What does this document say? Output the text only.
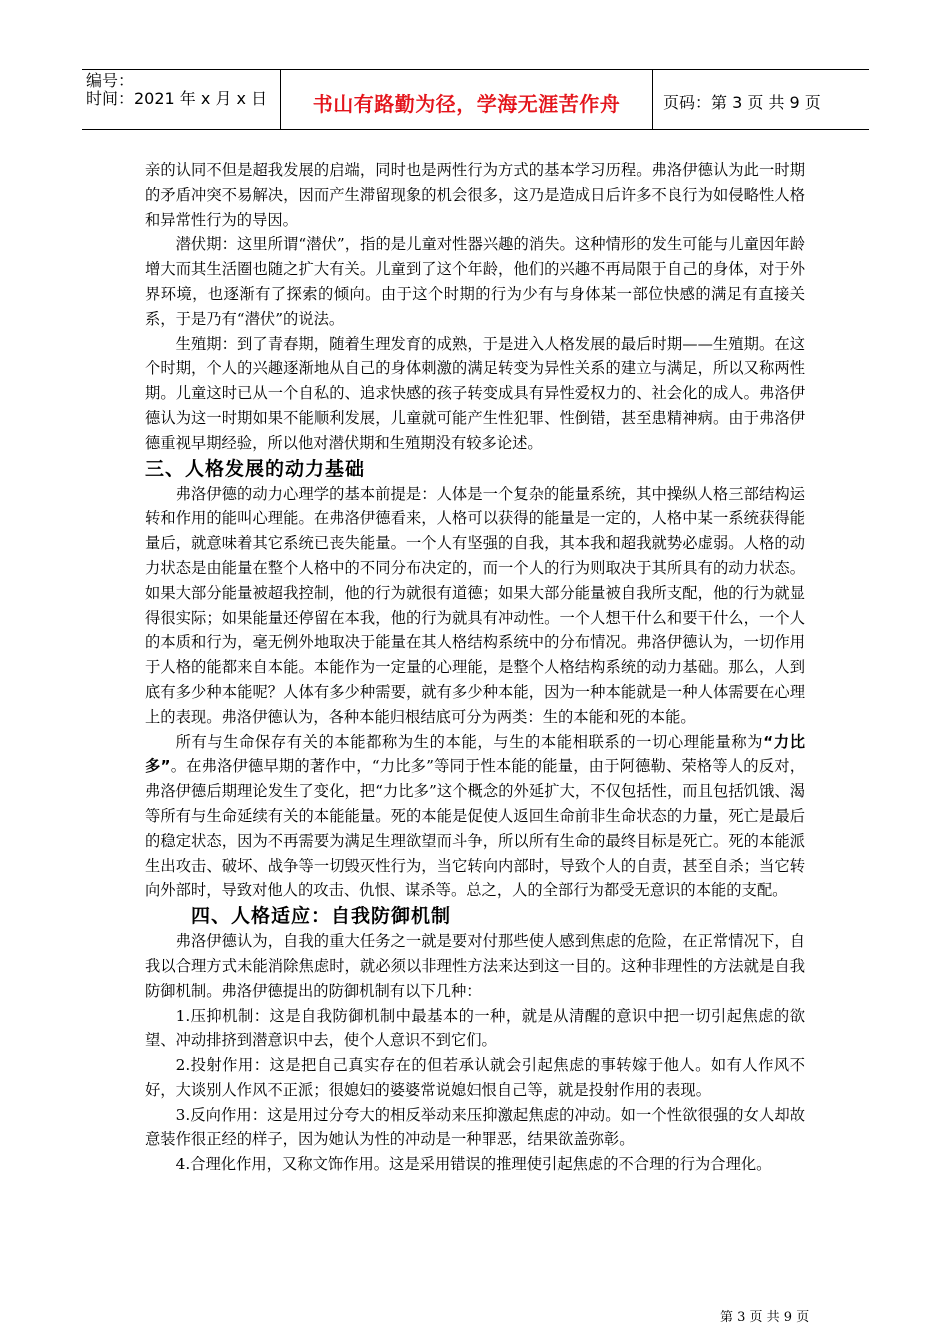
编号：
时间：2021 年 x 月 x 日	书山有路勤为径，学海无涯苦作舟	页码：第 3 页 共 9 页

亲的认同不但是超我发展的启端，同时也是两性行为方式的基本学习历程。弗洛伊德认为此一时期的矛盾冲突不易解决，因而产生滞留现象的机会很多，这乃是造成日后许多不良行为如侵略性人格和异常性行为的导因。

潜伏期：这里所谓“潜伏”，指的是儿童对性器兴趣的消失。这种情形的发生可能与儿童因年龄增大而其生活圈也随之扩大有关。儿童到了这个年龄，他们的兴趣不再局限于自己的身体，对于外界环境，也逐渐有了探索的倾向。由于这个时期的行为少有与身体某一部位快感的满足有直接关系，于是乃有“潜伏”的说法。

生殖期：到了青春期，随着生理发育的成熟，于是进入人格发展的最后时期——生殖期。在这个时期，个人的兴趣逐渐地从自己的身体刺激的满足转变为异性关系的建立与满足，所以又称两性期。儿童这时已从一个自私的、追求快感的孩子转变成具有异性爱权力的、社会化的成人。弗洛伊德认为这一时期如果不能顺利发展，儿童就可能产生性犯罪、性倒错，甚至患精神病。由于弗洛伊德重视早期经验，所以他对潜伏期和生殖期没有较多论述。

三、人格发展的动力基础

弗洛伊德的动力心理学的基本前提是：人体是一个复杂的能量系统，其中操纵人格三部结构运转和作用的能叫心理能。在弗洛伊德看来，人格可以获得的能量是一定的，人格中某一系统获得能量后，就意味着其它系统已丧失能量。一个人有坚强的自我，其本我和超我就势必虚弱。人格的动力状态是由能量在整个人格中的不同分布决定的，而一个人的行为则取决于其所具有的动力状态。如果大部分能量被超我控制，他的行为就很有道德；如果大部分能量被自我所支配，他的行为就显得很实际；如果能量还停留在本我，他的行为就具有冲动性。一个人想干什么和要干什么，一个人的本质和行为，毫无例外地取决于能量在其人格结构系统中的分布情况。弗洛伊德认为，一切作用于人格的能都来自本能。本能作为一定量的心理能，是整个人格结构系统的动力基础。那么，人到底有多少种本能呢？人体有多少种需要，就有多少种本能，因为一种本能就是一种人体需要在心理上的表现。弗洛伊德认为，各种本能归根结底可分为两类：生的本能和死的本能。

所有与生命保存有关的本能都称为生的本能，与生的本能相联系的一切心理能量称为“力比多”。在弗洛伊德早期的著作中，“力比多”等同于性本能的能量，由于阿德勒、荣格等人的反对，弗洛伊德后期理论发生了变化，把“力比多”这个概念的外延扩大，不仅包括性，而且包括饥饿、渴等所有与生命延续有关的本能能量。死的本能是促使人返回生命前非生命状态的力量，死亡是最后的稳定状态，因为不再需要为满足生理欲望而斗争，所以所有生命的最终目标是死亡。死的本能派生出攻击、破坏、战争等一切毁灭性行为，当它转向内部时，导致个人的自责，甚至自杀；当它转向外部时，导致对他人的攻击、仇恨、谋杀等。总之，人的全部行为都受无意识的本能的支配。

四、人格适应：自我防御机制

弗洛伊德认为，自我的重大任务之一就是要对付那些使人感到焦虑的危险，在正常情况下，自我以合理方式未能消除焦虑时，就必须以非理性方法来达到这一目的。这种非理性的方法就是自我防御机制。弗洛伊德提出的防御机制有以下几种：

1.压抑机制：这是自我防御机制中最基本的一种，就是从清醒的意识中把一切引起焦虑的欲望、冲动排挤到潜意识中去，使个人意识不到它们。

2.投射作用：这是把自己真实存在的但若承认就会引起焦虑的事转嫁于他人。如有人作风不好，大谈别人作风不正派；很媳妇的婆婆常说媳妇恨自己等，就是投射作用的表现。

3.反向作用：这是用过分夸大的相反举动来压抑激起焦虑的冲动。如一个性欲很强的女人却故意装作很正经的样子，因为她认为性的冲动是一种罪恶，结果欲盖弥彰。

4.合理化作用，又称文饰作用。这是采用错误的推理使引起焦虑的不合理的行为合理化。

第 3 页 共 9 页
